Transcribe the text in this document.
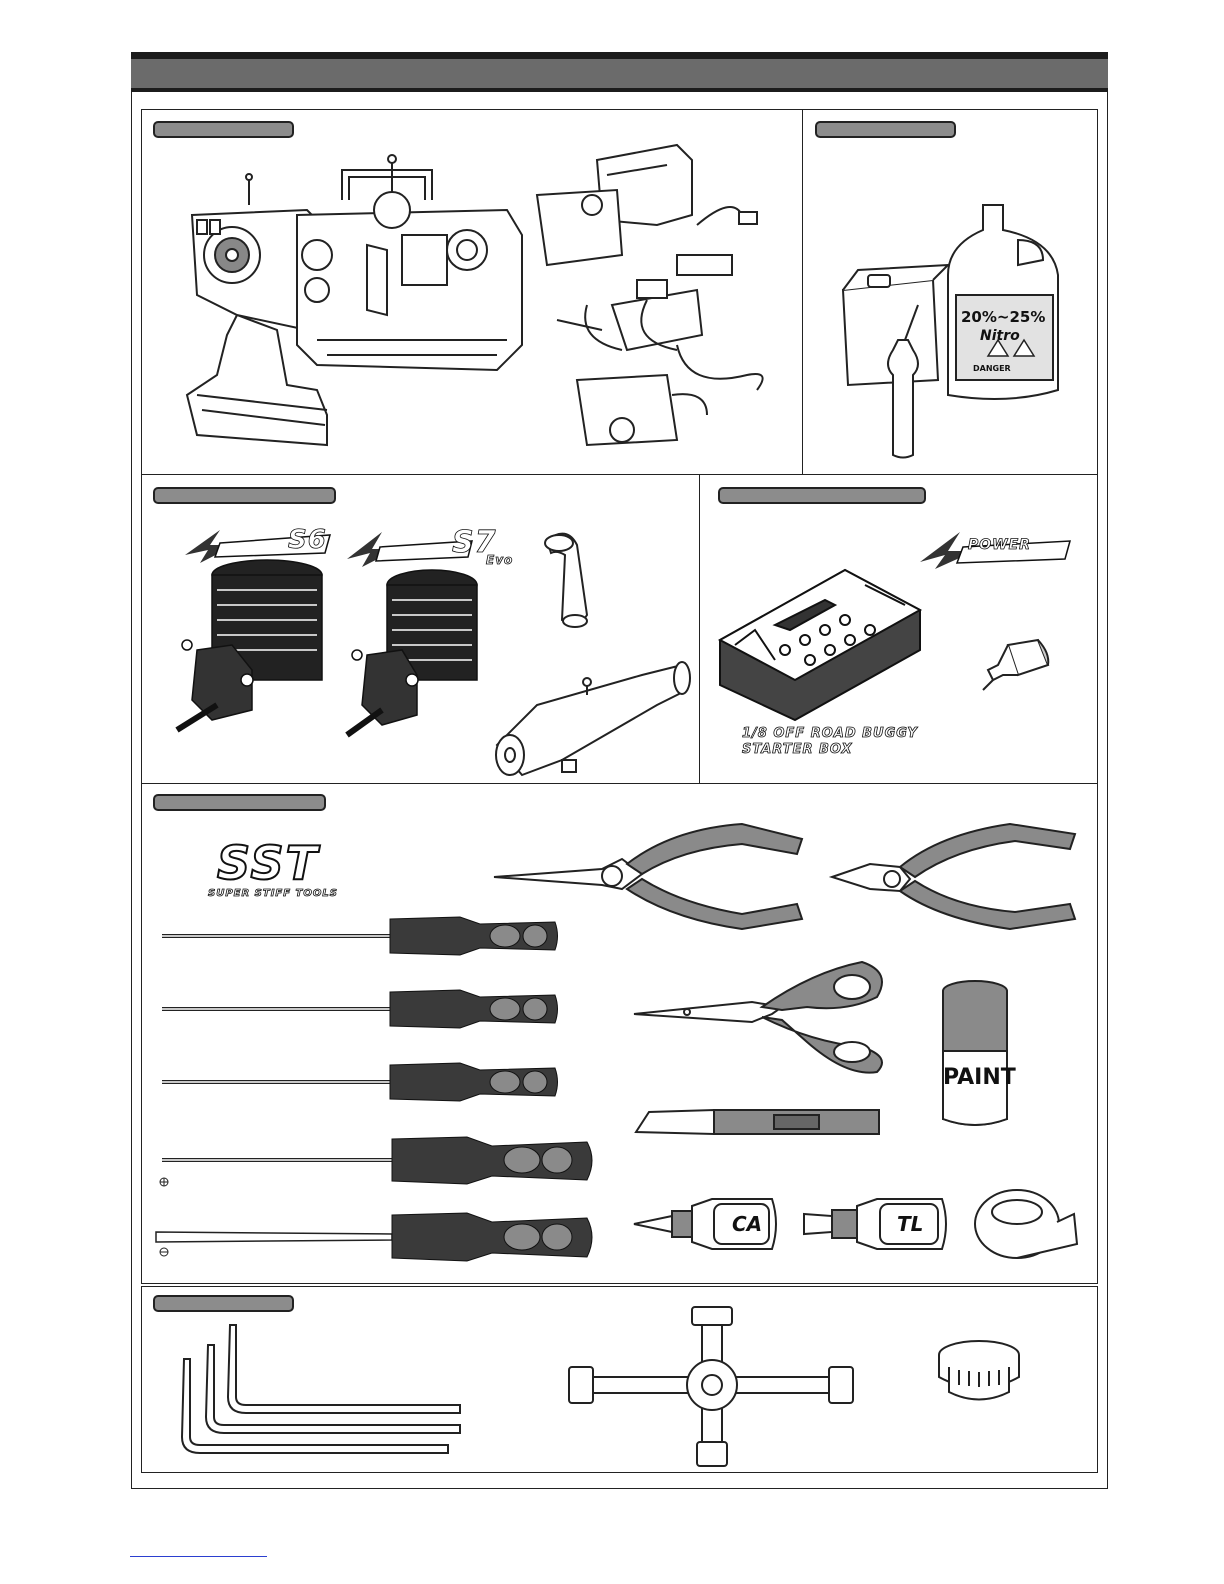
20%~25%
Nitro
DANGER
S6	S7
Evo
POWER
1/8 OFF ROAD BUGGY
STARTER BOX
SST
SUPER STIFF TOOLS
PAINT
CA	TL
